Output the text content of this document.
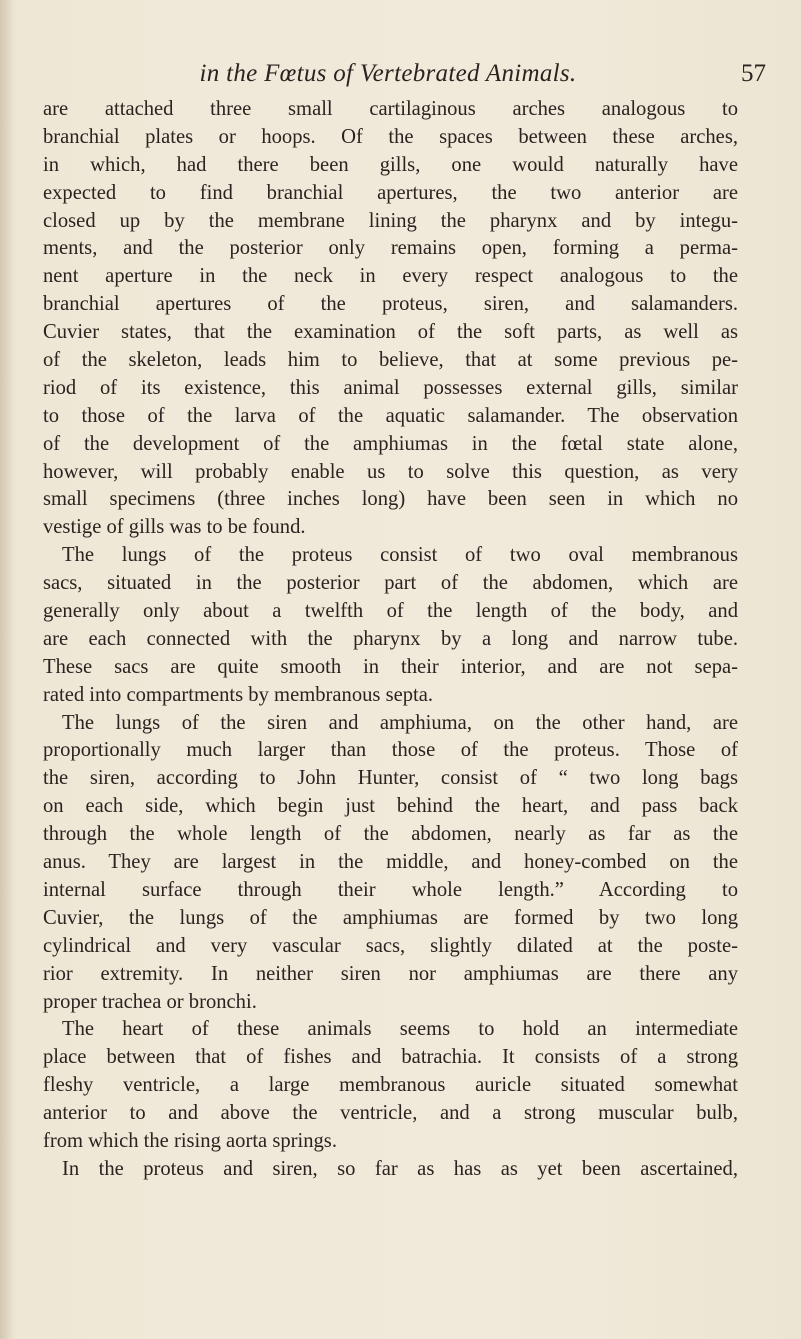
in the Fœtus of Vertebrated Animals.	57
are attached three small cartilaginous arches analogous to
branchial plates or hoops. Of the spaces between these arches,
in which, had there been gills, one would naturally have
expected to find branchial apertures, the two anterior are
closed up by the membrane lining the pharynx and by integu-
ments, and the posterior only remains open, forming a perma-
nent aperture in the neck in every respect analogous to the
branchial apertures of the proteus, siren, and salamanders.
Cuvier states, that the examination of the soft parts, as well as
of the skeleton, leads him to believe, that at some previous pe-
riod of its existence, this animal possesses external gills, similar
to those of the larva of the aquatic salamander. The observation
of the development of the amphiumas in the fœtal state alone,
however, will probably enable us to solve this question, as very
small specimens (three inches long) have been seen in which no
vestige of gills was to be found.
The lungs of the proteus consist of two oval membranous
sacs, situated in the posterior part of the abdomen, which are
generally only about a twelfth of the length of the body, and
are each connected with the pharynx by a long and narrow tube.
These sacs are quite smooth in their interior, and are not sepa-
rated into compartments by membranous septa.
The lungs of the siren and amphiuma, on the other hand, are
proportionally much larger than those of the proteus. Those of
the siren, according to John Hunter, consist of “ two long bags
on each side, which begin just behind the heart, and pass back
through the whole length of the abdomen, nearly as far as the
anus. They are largest in the middle, and honey-combed on the
internal surface through their whole length.” According to
Cuvier, the lungs of the amphiumas are formed by two long
cylindrical and very vascular sacs, slightly dilated at the poste-
rior extremity. In neither siren nor amphiumas are there any
proper trachea or bronchi.
The heart of these animals seems to hold an intermediate
place between that of fishes and batrachia. It consists of a strong
fleshy ventricle, a large membranous auricle situated somewhat
anterior to and above the ventricle, and a strong muscular bulb,
from which the rising aorta springs.
In the proteus and siren, so far as has as yet been ascertained,
